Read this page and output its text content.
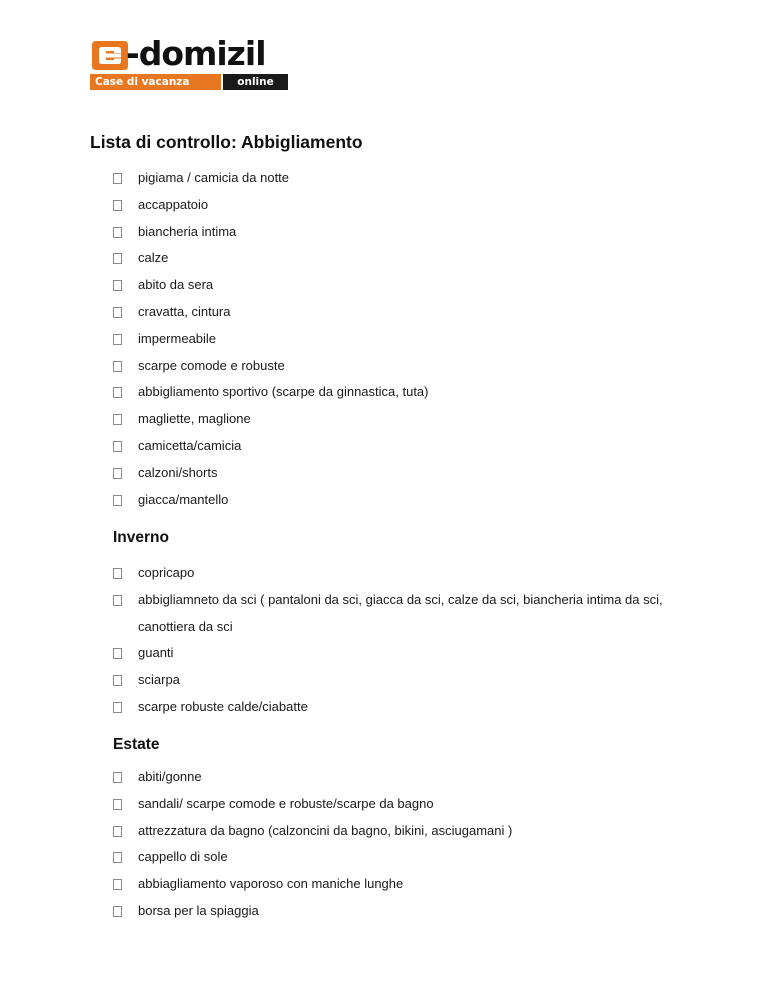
e -domizil
Case di vacanza	online
Lista di controllo: Abbigliamento
pigiama / camicia da notte
accappatoio
biancheria intima
calze
abito da sera
cravatta, cintura
impermeabile
scarpe comode e robuste
abbigliamento sportivo (scarpe da ginnastica, tuta)
magliette, maglione
camicetta/camicia
calzoni/shorts
giacca/mantello
Inverno
copricapo
abbigliamneto da sci ( pantaloni da sci, giacca da sci, calze da sci, biancheria intima da sci, canottiera da sci
guanti
sciarpa
scarpe robuste calde/ciabatte
Estate
abiti/gonne
sandali/ scarpe comode e robuste/scarpe da bagno
attrezzatura da bagno (calzoncini da bagno, bikini, asciugamani )
cappello di sole
abbiagliamento vaporoso con maniche lunghe
borsa per la spiaggia
